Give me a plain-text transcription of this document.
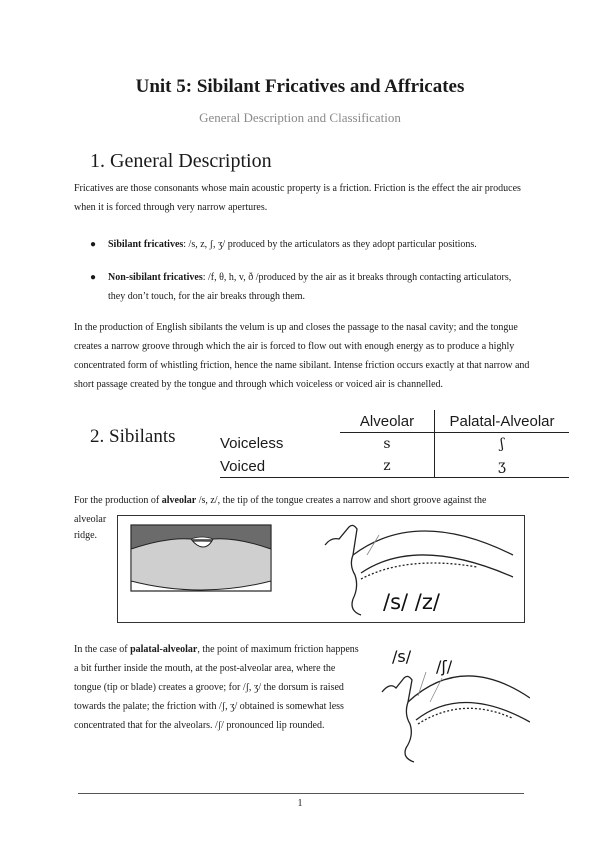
Unit 5: Sibilant Fricatives and Affricates
General Description and Classification
1. General Description
Fricatives are those consonants whose main acoustic property is a friction. Friction is the effect the air produces when it is forced through very narrow apertures.
● Sibilant fricatives: /s, z, ʃ, ʒ/ produced by the articulators as they adopt particular positions.
● Non-sibilant fricatives: /f, θ, h, v, ð /produced by the air as it breaks through contacting articulators, they don’t touch, for the air breaks through them.
In the production of English sibilants the velum is up and closes the passage to the nasal cavity; and the tongue creates a narrow groove through which the air is forced to flow out with enough energy as to produce a highly concentrated form of whistling friction, hence the name sibilant. Intense friction occurs exactly at that narrow and short passage created by the tongue and through which voiceless or voiced air is channelled.
2. Sibilants
	Alveolar	Palatal-Alveolar
Voiceless	s	ʃ
Voiced	z	ʒ
For the production of alveolar /s, z/, the tip of the tongue creates a narrow and short groove against the
alveolar
ridge.
/s/ /z/
In the case of palatal-alveolar, the point of maximum friction happens a bit further inside the mouth, at the post-alveolar area, where the tongue (tip or blade) creates a groove; for /ʃ, ʒ/ the dorsum is raised towards the palate; the friction with /ʃ, ʒ/ obtained is somewhat less concentrated that for the alveolars. /ʃ/ pronounced lip rounded.
/s/
/ʃ/
1
